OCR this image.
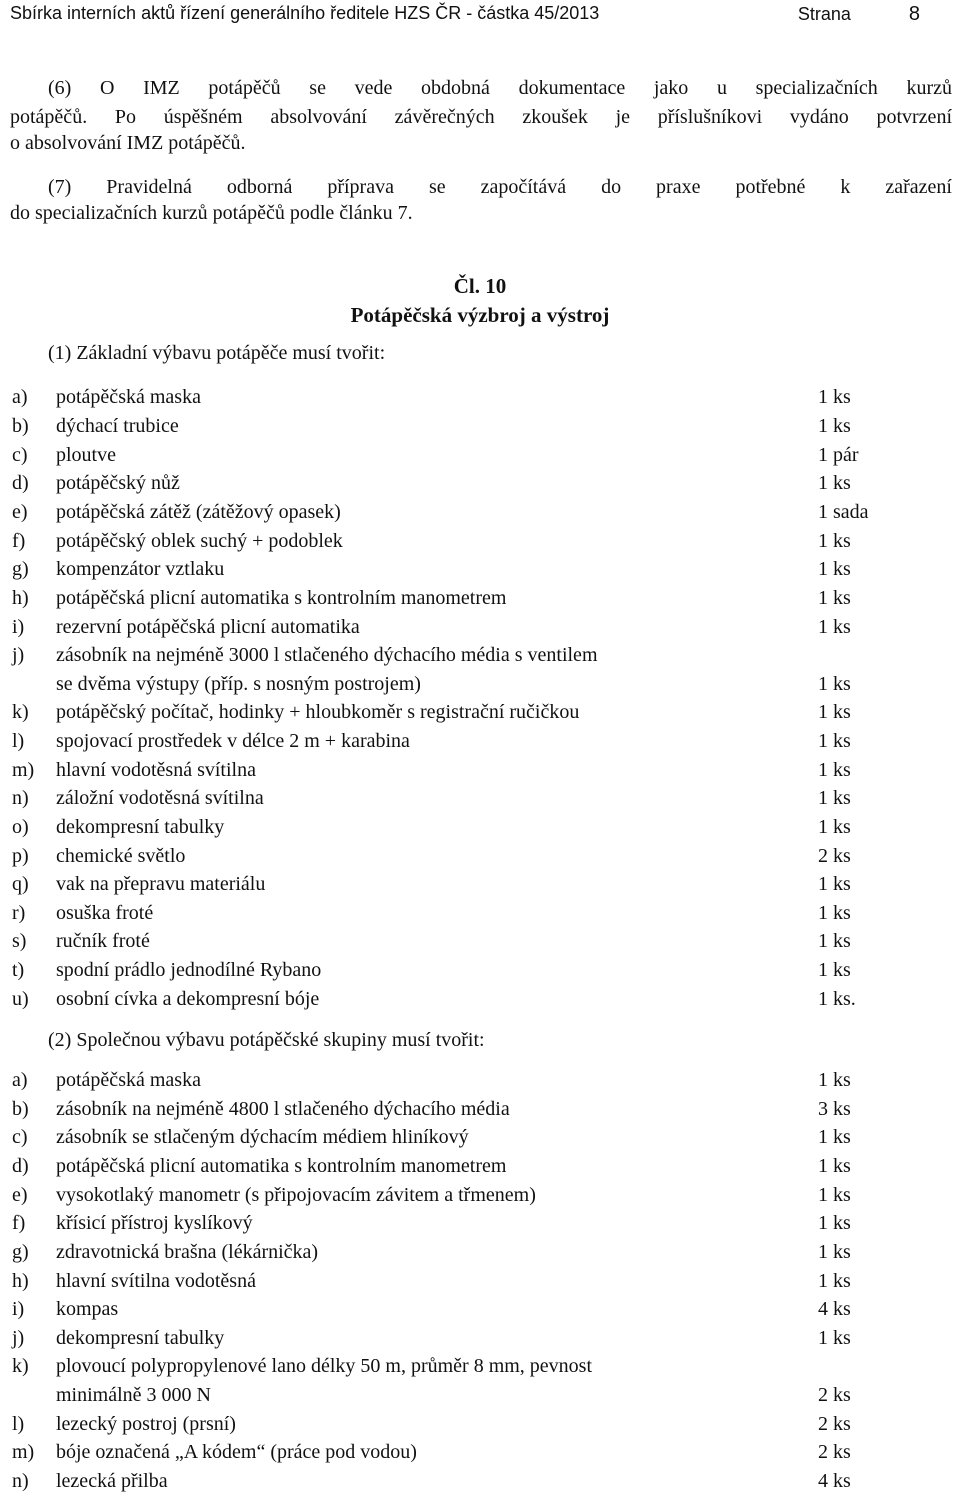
Sbírka interních aktů řízení generálního ředitele HZS ČR - částka 45/2013	Strana	8
(6) O IMZ potápěčů se vede obdobná dokumentace jako u specializačních kurzů
potápěčů. Po úspěšném absolvování závěrečných zkoušek je příslušníkovi vydáno potvrzení
o absolvování IMZ potápěčů.
(7) Pravidelná odborná příprava se započítává do praxe potřebné k zařazení
do specializačních kurzů potápěčů podle článku 7.
Čl. 10
Potápěčská výzbroj a výstroj
(1) Základní výbavu potápěče musí tvořit:
a) potápěčská maska	1 ks
b) dýchací trubice	1 ks
c) ploutve	1 pár
d) potápěčský nůž	1 ks
e) potápěčská zátěž (zátěžový opasek)	1 sada
f) potápěčský oblek suchý + podoblek	1 ks
g) kompenzátor vztlaku	1 ks
h) potápěčská plicní automatika s kontrolním manometrem	1 ks
i) rezervní potápěčská plicní automatika	1 ks
j) zásobník na nejméně 3000 l stlačeného dýchacího média s ventilem
se dvěma výstupy (příp. s nosným postrojem)	1 ks
k) potápěčský počítač, hodinky + hloubkoměr s registrační ručičkou	1 ks
l) spojovací prostředek v délce 2 m + karabina	1 ks
m) hlavní vodotěsná svítilna	1 ks
n) záložní vodotěsná svítilna	1 ks
o) dekompresní tabulky	1 ks
p) chemické světlo	2 ks
q) vak na přepravu materiálu	1 ks
r) osuška froté	1 ks
s) ručník froté	1 ks
t) spodní prádlo jednodílné Rybano	1 ks
u) osobní cívka a dekompresní bóje	1 ks.
(2) Společnou výbavu potápěčské skupiny musí tvořit:
a) potápěčská maska	1 ks
b) zásobník na nejméně 4800 l stlačeného dýchacího média	3 ks
c) zásobník se stlačeným dýchacím médiem hliníkový	1 ks
d) potápěčská plicní automatika s kontrolním manometrem	1 ks
e) vysokotlaký manometr (s připojovacím závitem a třmenem)	1 ks
f) křísicí přístroj kyslíkový	1 ks
g) zdravotnická brašna (lékárnička)	1 ks
h) hlavní svítilna vodotěsná	1 ks
i) kompas	4 ks
j) dekompresní tabulky	1 ks
k) plovoucí polypropylenové lano délky 50 m, průměr 8 mm, pevnost
minimálně 3 000 N	2 ks
l) lezecký postroj (prsní)	2 ks
m) bóje označená „A kódem“ (práce pod vodou)	2 ks
n) lezecká přilba	4 ks
